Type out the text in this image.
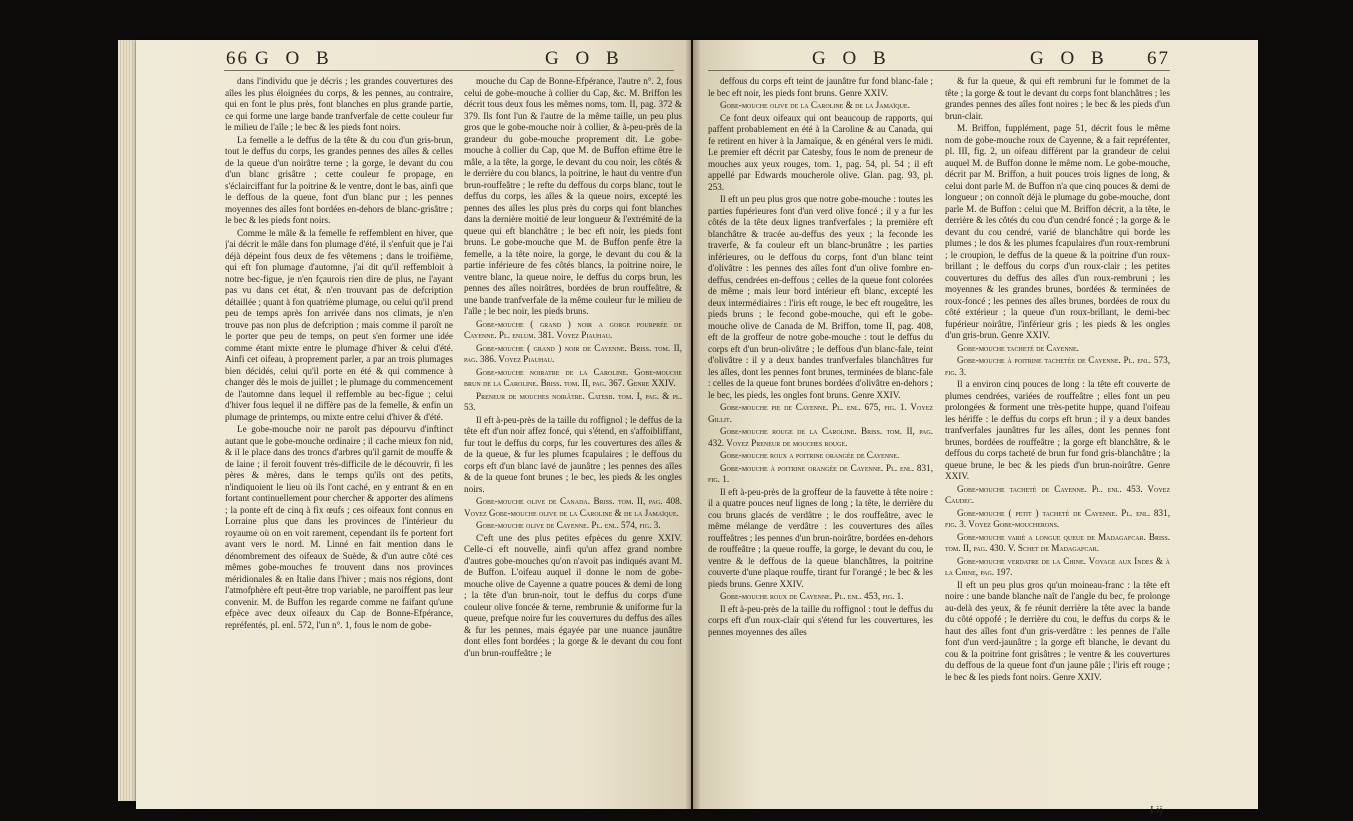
66 G O B	G O B

dans l'individu que je décris ; les grandes couvertures des aîles les plus éloignées du corps, & les pennes, au contraire, qui en font le plus près, font blanches en plus grande partie, ce qui forme une large bande tranfverfale de cette couleur fur le milieu de l'aîle ; le bec & les pieds font noirs.

La femelle a le deffus de la tête & du cou d'un gris-brun, tout le deffus du corps, les grandes pennes des aîles & celles de la queue d'un noirâtre terne ; la gorge, le devant du cou d'un blanc grisâtre ; cette couleur fe propage, en s'éclairciffant fur la poitrine & le ventre, dont le bas, ainfi que le deffous de la queue, font d'un blanc pur ; les pennes moyennes des aîles font bordées en-dehors de blanc-grisâtre ; le bec & les pieds font noirs.

Comme le mâle & la femelle fe reffemblent en hiver, que j'ai décrit le mâle dans fon plumage d'été, il s'enfuit que je l'ai déjà dépeint fous deux de fes vêtemens ; dans le troifième, qui eft fon plumage d'automne, j'ai dit qu'il reffembloit à notre bec-figue, je n'en fçaurois rien dire de plus, ne l'ayant pas vu dans cet état, & n'en trouvant pas de defcription détaillée ; quant à fon quatrième plumage, ou celui qu'il prend peu de temps après fon arrivée dans nos climats, je n'en trouve pas non plus de defcription ; mais comme il paroît ne le porter que peu de temps, on peut s'en former une idée comme étant mixte entre le plumage d'hiver & celui d'été. Ainfi cet oifeau, à proprement parler, a par an trois plumages bien décidés, celui qu'il porte en été & qui commence à changer dès le mois de juillet ; le plumage du commencement de l'automne dans lequel il reffemble au bec-figue ; celui d'hiver fous lequel il ne diffère pas de la femelle, & enfin un plumage de printemps, ou mixte entre celui d'hiver & d'été.

Le gobe-mouche noir ne paroît pas dépourvu d'inftinct autant que le gobe-mouche ordinaire ; il cache mieux fon nid, & il le place dans des troncs d'arbres qu'il garnit de mouffe & de laine ; il feroit fouvent très-difficile de le découvrir, fi les pères & mères, dans le temps qu'ils ont des petits, n'indiquoient le lieu où ils l'ont caché, en y entrant & en en fortant continuellement pour chercher & apporter des alimens ; la ponte eft de cinq à fix œufs ; ces oifeaux font connus en Lorraine plus que dans les provinces de l'intérieur du royaume où on en voit rarement, cependant ils fe portent fort avant vers le nord. M. Linné en fait mention dans le dénombrement des oifeaux de Suède, & d'un autre côté ces mêmes gobe-mouches fe trouvent dans nos provinces méridionales & en Italie dans l'hiver ; mais nos régions, dont l'atmofphère eft peut-être trop variable, ne paroiffent pas leur convenir. M. de Buffon les regarde comme ne faifant qu'une efpèce avec deux oifeaux du Cap de Bonne-Efpérance, repréfentés, pl. enl. 572, l'un n°. 1, fous le nom de gobe-

mouche du Cap de Bonne-Efpérance, l'autre n°. 2, fous celui de gobe-mouche à collier du Cap, &c. M. Briffon les décrit tous deux fous les mêmes noms, tom. II, pag. 372 & 379. Ils font l'un & l'autre de la même taille, un peu plus gros que le gobe-mouche noir à collier, & à-peu-près de la grandeur du gobe-mouche proprement dit. Le gobe-mouche à collier du Cap, que M. de Buffon eftime être le mâle, a la tête, la gorge, le devant du cou noir, les côtés & le derrière du cou blancs, la poitrine, le haut du ventre d'un brun-rouffeâtre ; le refte du deffous du corps blanc, tout le deffus du corps, les aîles & la queue noirs, excepté les pennes des aîles les plus près du corps qui font blanches dans la dernière moitié de leur longueur & l'extrémité de la queue qui eft blanchâtre ; le bec eft noir, les pieds font bruns. Le gobe-mouche que M. de Buffon penfe être la femelle, a la tête noire, la gorge, le devant du cou & la partie inférieure de fes côtés blancs, la poitrine noire, le ventre blanc, la queue noire, le deffus du corps brun, les pennes des aîles noirâtres, bordées de brun rouffeâtre, & une bande tranfverfale de la même couleur fur le milieu de l'aîle ; le bec noir, les pieds bruns.

Gobe-mouche ( grand ) noir a gorge pourprée de Cayenne. Pl. enlum. 381. Voyez Piauhau.

Gobe-mouche ( grand ) noir de Cayenne. Briss. tom. II, pag. 386. Voyez Piauhau.

Gobe-mouche noiratre de la Caroline. Gobe-mouche brun de la Caroline. Briss. tom. II, pag. 367. Genre XXIV.

Preneur de mouches noirâtre. Catesb. tom. I, pag. & pl. 53.

Il eft à-peu-près de la taille du roffignol ; le deffus de la tête eft d'un noir affez foncé, qui s'étend, en s'affoibliffant, fur tout le deffus du corps, fur les couvertures des aîles & de la queue, & fur les plumes fcapulaires ; le deffous du corps eft d'un blanc lavé de jaunâtre ; les pennes des aîles & de la queue font brunes ; le bec, les pieds & les ongles noirs.

Gobe-mouche olive de Canada. Briss. tom. II, pag. 408. Voyez Gobe-mouche olive de la Caroline & de la Jamaïque.

Gobe-mouche olive de Cayenne. Pl. enl. 574, fig. 3.

C'eft une des plus petites efpèces du genre XXIV. Celle-ci eft nouvelle, ainfi qu'un affez grand nombre d'autres gobe-mouches qu'on n'avoit pas indiqués avant M. de Buffon. L'oifeau auquel il donne le nom de gobe-mouche olive de Cayenne a quatre pouces & demi de long ; la tête d'un brun-noir, tout le deffus du corps d'une couleur olive foncée & terne, rembrunie & uniforme fur la queue, prefque noire fur les couvertures du deffus des aîles & fur les pennes, mais égayée par une nuance jaunâtre dont elles font bordées ; la gorge & le devant du cou font d'un brun-rouffeâtre ; le

G O B	G O B 67

deffous du corps eft teint de jaunâtre fur fond blanc-fale ; le bec eft noir, les pieds font bruns. Genre XXIV.

Gobe-mouche olive de la Caroline & de la Jamaïque.

Ce font deux oifeaux qui ont beaucoup de rapports, qui paffent probablement en été à la Caroline & au Canada, qui fe retirent en hiver à la Jamaïque, & en général vers le midi. Le premier eft décrit par Catesby, fous le nom de preneur de mouches aux yeux rouges, tom. 1, pag. 54, pl. 54 ; il eft appellé par Edwards moucherole olive. Glan. pag. 93, pl. 253.

Il eft un peu plus gros que notre gobe-mouche : toutes les parties fupérieures font d'un verd olive foncé ; il y a fur les côtés de la tête deux lignes tranfverfales ; la première eft blanchâtre & tracée au-deffus des yeux ; la feconde les traverfe, & fa couleur eft un blanc-brunâtre ; les parties inférieures, ou le deffous du corps, font d'un blanc teint d'olivâtre : les pennes des aîles font d'un olive fombre en-deffus, cendrées en-deffous ; celles de la queue font colorées de même ; mais leur bord intérieur eft blanc, excepté les deux intermédiaires : l'iris eft rouge, le bec eft rougeâtre, les pieds bruns ; le fecond gobe-mouche, qui eft le gobe-mouche olive de Canada de M. Briffon, tome II, pag. 408, eft de la groffeur de notre gobe-mouche : tout le deffus du corps eft d'un brun-olivâtre ; le deffous d'un blanc-fale, teint d'olivâtre : il y a deux bandes tranfverfales blanchâtres fur les aîles, dont les pennes font brunes, terminées de blanc-fale : celles de la queue font brunes bordées d'olivâtre en-dehors ; le bec, les pieds, les ongles font bruns. Genre XXIV.

Gobe-mouche pie de Cayenne. Pl. enl. 675, fig. 1. Voyez Gillit.

Gobe-mouche rouge de la Caroline. Briss. tom. II, pag. 432. Voyez Preneur de mouches rouge.

Gobe-mouche roux a poitrine orangée de Cayenne.

Gobe-mouche à poitrine orangée de Cayenne. Pl. enl. 831, fig. 1.

Il eft à-peu-près de la groffeur de la fauvette à tête noire : il a quatre pouces neuf lignes de long ; la tête, le derrière du cou bruns glacés de verdâtre ; le dos rouffeâtre, avec le même mélange de verdâtre : les couvertures des aîles rouffeâtres ; les pennes d'un brun-noirâtre, bordées en-dehors de rouffeâtre ; la queue rouffe, la gorge, le devant du cou, le ventre & le deffous de la queue blanchâtres, la poitrine couverte d'une plaque rouffe, tirant fur l'orangé ; le bec & les pieds bruns. Genre XXIV.

Gobe-mouche roux de Cayenne. Pl. enl. 453, fig. 1.

Il eft à-peu-près de la taille du roffignol : tout le deffus du corps eft d'un roux-clair qui s'étend fur les couvertures, les pennes moyennes des aîles

& fur la queue, & qui eft rembruni fur le fommet de la tête ; la gorge & tout le devant du corps font blanchâtres ; les grandes pennes des aîles font noires ; le bec & les pieds d'un brun-clair.

M. Briffon, fupplément, page 51, décrit fous le même nom de gobe-mouche roux de Cayenne, & a fait repréfenter, pl. III, fig. 2, un oifeau différent par la grandeur de celui auquel M. de Buffon donne le même nom. Le gobe-mouche, décrit par M. Briffon, a huit pouces trois lignes de long, & celui dont parle M. de Buffon n'a que cinq pouces & demi de longueur ; on connoît déjà le plumage du gobe-mouche, dont parle M. de Buffon : celui que M. Briffon décrit, a la tête, le derrière & les côtés du cou d'un cendré foncé ; la gorge & le devant du cou cendré, varié de blanchâtre qui borde les plumes ; le dos & les plumes fcapulaires d'un roux-rembruni ; le croupion, le deffus de la queue & la poitrine d'un roux-brillant ; le deffous du corps d'un roux-clair ; les petites couvertures du deffus des aîles d'un roux-rembruni ; les moyennes & les grandes brunes, bordées & terminées de roux-foncé ; les pennes des aîles brunes, bordées de roux du côté extérieur ; la queue d'un roux-brillant, le demi-bec fupérieur noirâtre, l'inférieur gris ; les pieds & les ongles d'un gris-brun. Genre XXIV.

Gobe-mouche tacheté de Cayenne.

Gobe-mouche à poitrine tachetée de Cayenne. Pl. enl. 573, fig. 3.

Il a environ cinq pouces de long : la tête eft couverte de plumes cendrées, variées de rouffeâtre ; elles font un peu prolongées & forment une très-petite huppe, quand l'oifeau les hériffe : le deffus du corps eft brun ; il y a deux bandes tranfverfales jaunâtres fur les aîles, dont les pennes font brunes, bordées de rouffeâtre ; la gorge eft blanchâtre, & le deffous du corps tacheté de brun fur fond gris-blanchâtre ; la queue brune, le bec & les pieds d'un brun-noirâtre. Genre XXIV.

Gobe-mouche tacheté de Cayenne. Pl. enl. 453. Voyez Caudec.

Gobe-mouche ( petit ) tacheté de Cayenne. Pl. enl. 831, fig. 3. Voyez Gobe-moucherons.

Gobe-mouche varié a longue queue de Madagafcar. Briss. tom. II, pag. 430. V. Schet de Madagafcar.

Gobe-mouche verdatre de la Chine. Voyage aux Indes & à la Chine, pag. 197.

Il eft un peu plus gros qu'un moineau-franc : la tête eft noire : une bande blanche naît de l'angle du bec, fe prolonge au-delà des yeux, & fe réunit derrière la tête avec la bande du côté oppofé ; le derrière du cou, le deffus du corps & le haut des aîles font d'un gris-verdâtre : les pennes de l'aîle font d'un verd-jaunâtre ; la gorge eft blanche, le devant du cou & la poitrine font grisâtres ; le ventre & les couvertures du deffous de la queue font d'un jaune pâle ; l'iris eft rouge ; le bec & les pieds font noirs. Genre XXIV.

I ij
